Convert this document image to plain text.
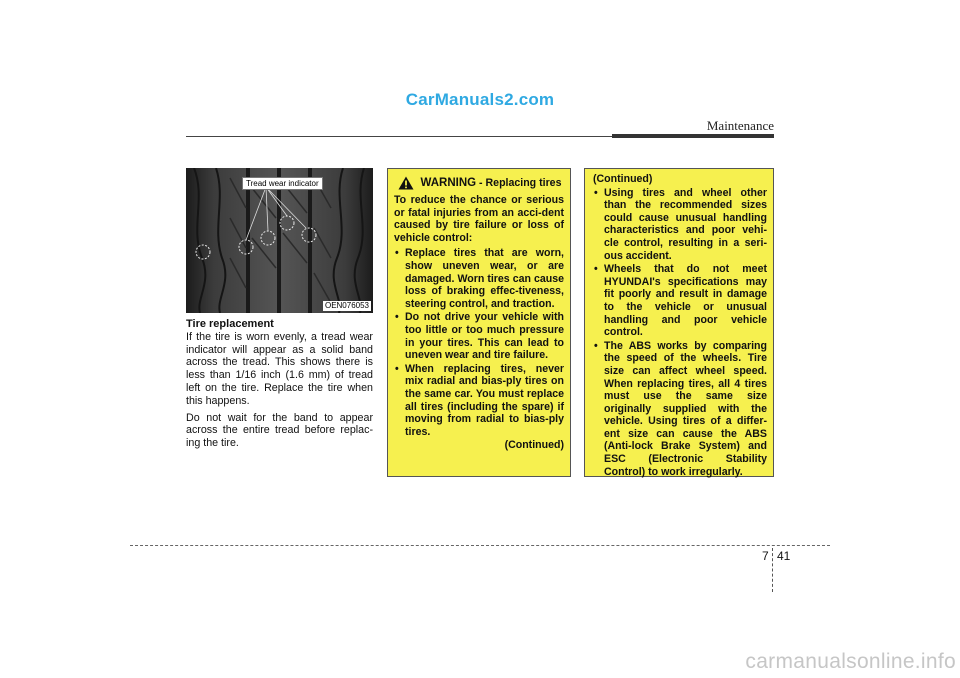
CarManuals2.com
Maintenance
Tread wear indicator
OEN076053
Tire replacement

If the tire is worn evenly, a tread wear indicator will appear as a solid band across the tread. This shows there is less than 1/16 inch (1.6 mm) of tread left on the tire. Replace the tire when this happens.

Do not wait for the band to appear across the entire tread before replac-ing the tire.

WARNING - Replacing tires
To reduce the chance or serious or fatal injuries from an acci-dent caused by tire failure or loss of vehicle control:
• Replace tires that are worn, show uneven wear, or are damaged. Worn tires can cause loss of braking effec-tiveness, steering control, and traction.
• Do not drive your vehicle with too little or too much pressure in your tires. This can lead to uneven wear and tire failure.
• When replacing tires, never mix radial and bias-ply tires on the same car. You must replace all tires (including the spare) if moving from radial to bias-ply tires.
(Continued)
(Continued)
• Using tires and wheel other than the recommended sizes could cause unusual handling characteristics and poor vehi-cle control, resulting in a seri-ous accident.
• Wheels that do not meet HYUNDAI's specifications may fit poorly and result in damage to the vehicle or unusual handling and poor vehicle control.
• The ABS works by comparing the speed of the wheels. Tire size can affect wheel speed. When replacing tires, all 4 tires must use the same size originally supplied with the vehicle. Using tires of a differ-ent size can cause the ABS (Anti-lock Brake System) and ESC (Electronic Stability Control) to work irregularly.
7 41
carmanualsonline.info
